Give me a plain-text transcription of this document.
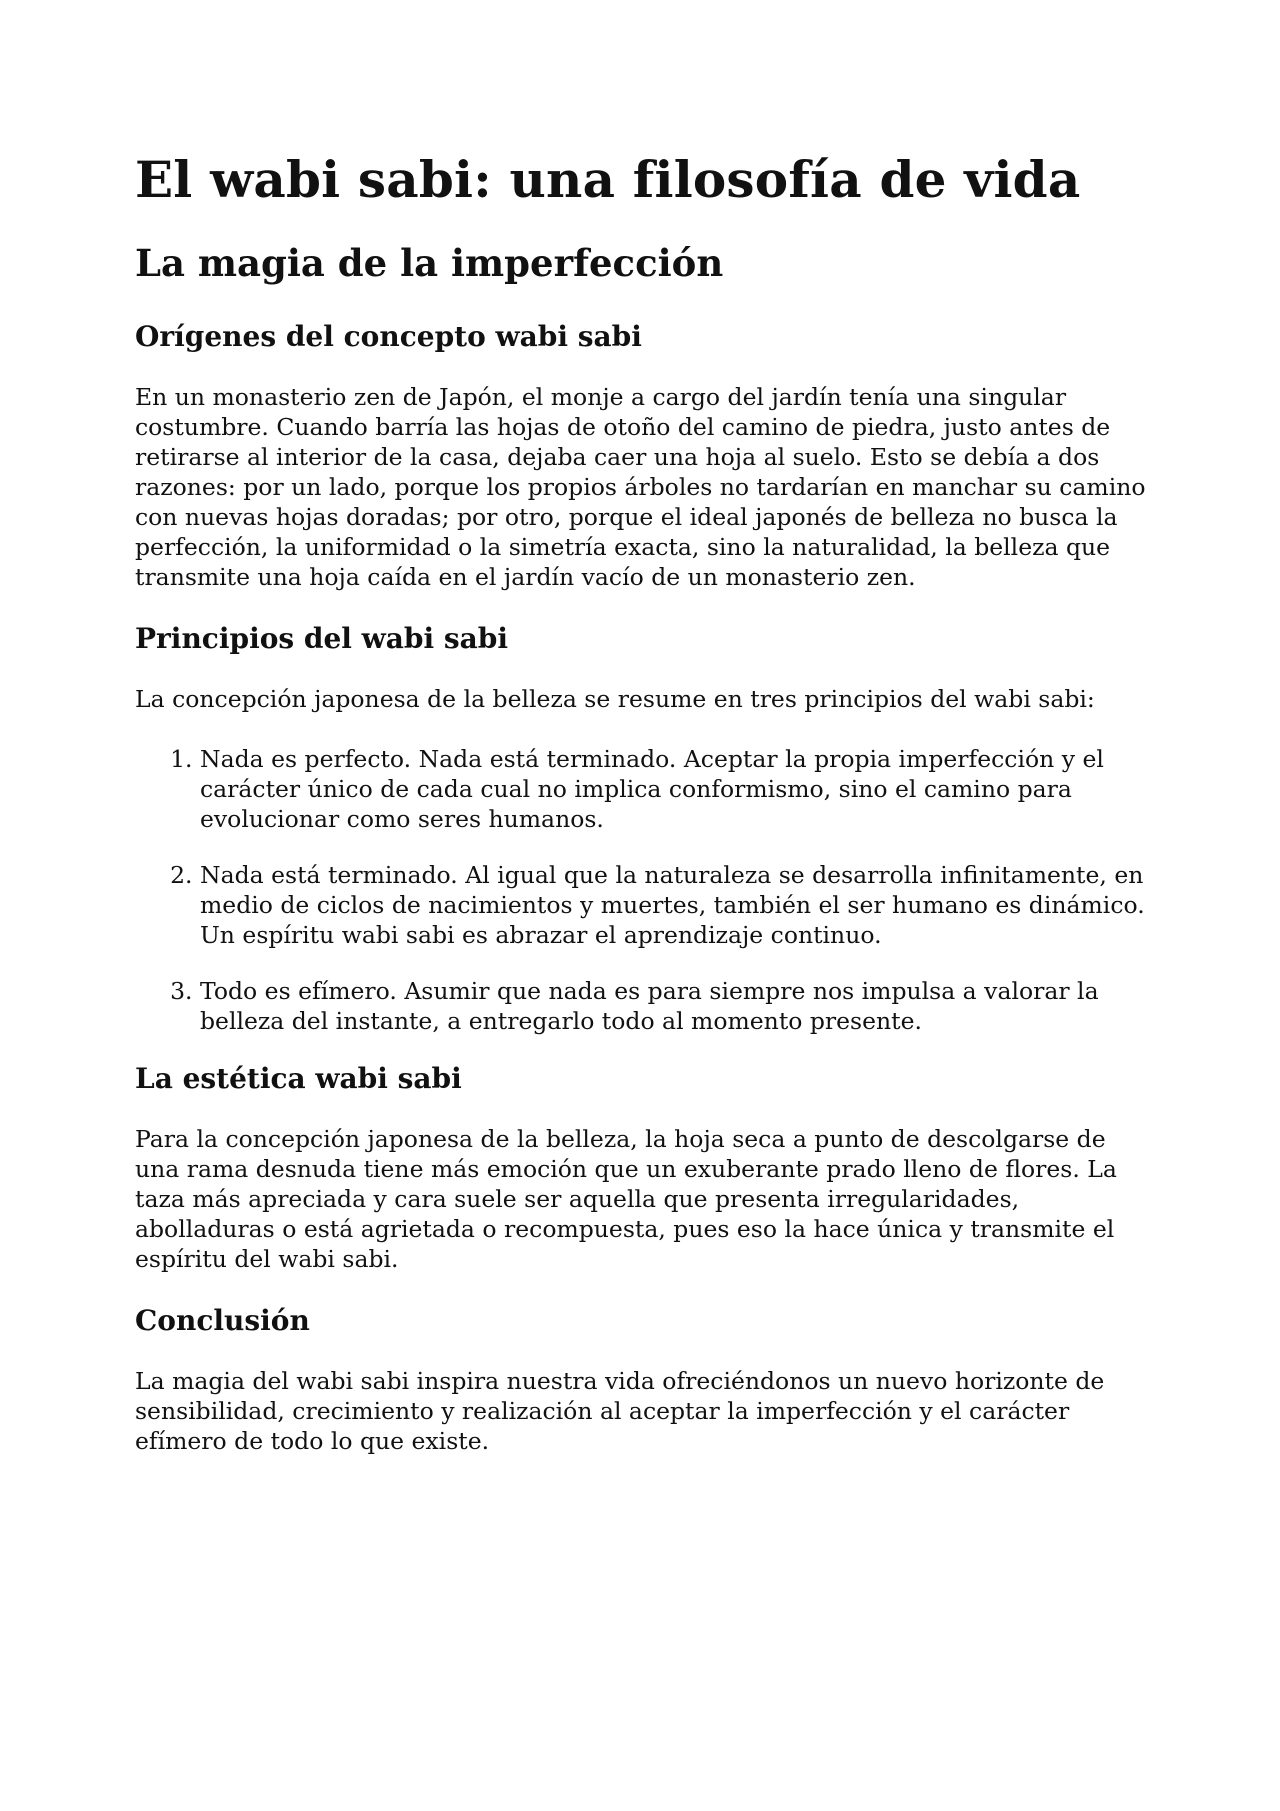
El wabi sabi: una filosofía de vida
La magia de la imperfección
Orígenes del concepto wabi sabi

En un monasterio zen de Japón, el monje a cargo del jardín tenía una singular costumbre. Cuando barría las hojas de otoño del camino de piedra, justo antes de retirarse al interior de la casa, dejaba caer una hoja al suelo. Esto se debía a dos razones: por un lado, porque los propios árboles no tardarían en manchar su camino con nuevas hojas doradas; por otro, porque el ideal japonés de belleza no busca la perfección, la uniformidad o la simetría exacta, sino la naturalidad, la belleza que transmite una hoja caída en el jardín vacío de un monasterio zen.

Principios del wabi sabi

La concepción japonesa de la belleza se resume en tres principios del wabi sabi:

1. Nada es perfecto. Nada está terminado. Aceptar la propia imperfección y el carácter único de cada cual no implica conformismo, sino el camino para evolucionar como seres humanos.
2. Nada está terminado. Al igual que la naturaleza se desarrolla infinitamente, en medio de ciclos de nacimientos y muertes, también el ser humano es dinámico. Un espíritu wabi sabi es abrazar el aprendizaje continuo.
3. Todo es efímero. Asumir que nada es para siempre nos impulsa a valorar la belleza del instante, a entregarlo todo al momento presente.
La estética wabi sabi

Para la concepción japonesa de la belleza, la hoja seca a punto de descolgarse de una rama desnuda tiene más emoción que un exuberante prado lleno de flores. La taza más apreciada y cara suele ser aquella que presenta irregularidades, abolladuras o está agrietada o recompuesta, pues eso la hace única y transmite el espíritu del wabi sabi.

Conclusión

La magia del wabi sabi inspira nuestra vida ofreciéndonos un nuevo horizonte de sensibilidad, crecimiento y realización al aceptar la imperfección y el carácter efímero de todo lo que existe.
